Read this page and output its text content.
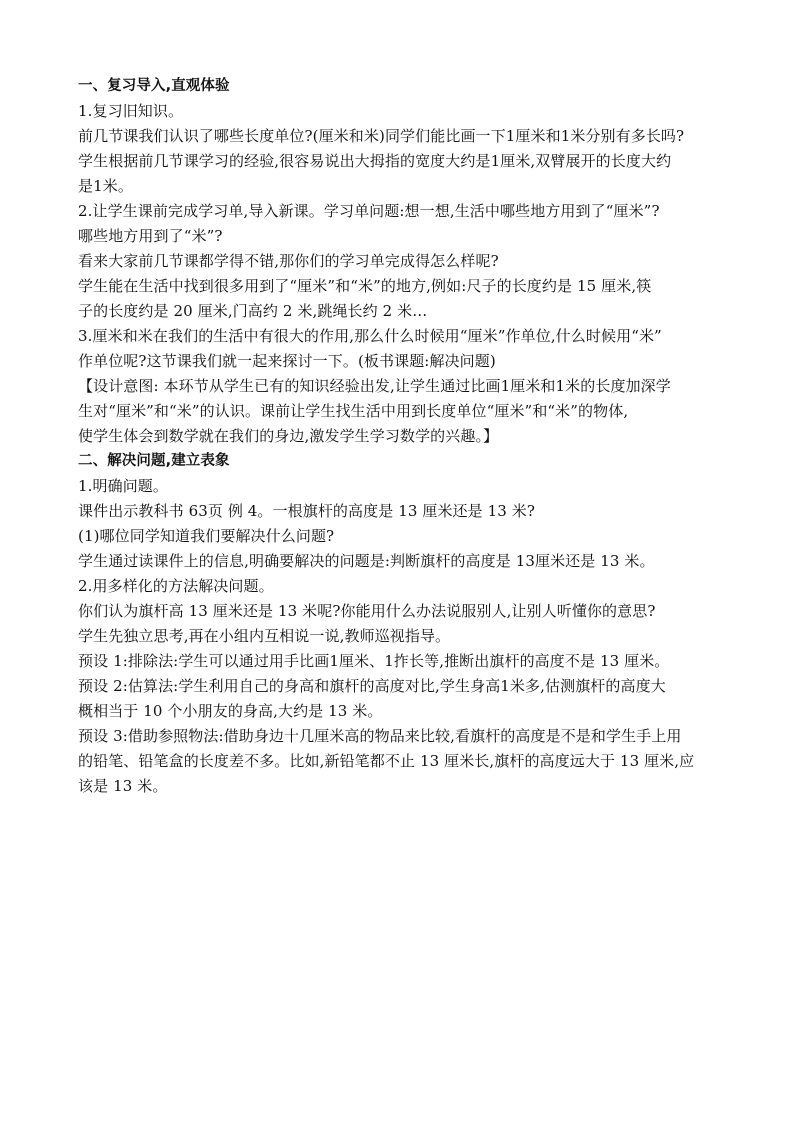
一、复习导入,直观体验
1.复习旧知识。
前几节课我们认识了哪些长度单位?(厘米和米)同学们能比画一下1厘米和1米分别有多长吗?
学生根据前几节课学习的经验,很容易说出大拇指的宽度大约是1厘米,双臂展开的长度大约
是1米。
2.让学生课前完成学习单,导入新课。学习单问题:想一想,生活中哪些地方用到了“厘米”?
哪些地方用到了“米”?
看来大家前几节课都学得不错,那你们的学习单完成得怎么样呢?
学生能在生活中找到很多用到了“厘米”和“米”的地方,例如:尺子的长度约是 15 厘米,筷
子的长度约是 20 厘米,门高约 2 米,跳绳长约 2 米…
3.厘米和米在我们的生活中有很大的作用,那么什么时候用“厘米”作单位,什么时候用“米”
作单位呢?这节课我们就一起来探讨一下。(板书课题:解决问题)
【设计意图: 本环节从学生已有的知识经验出发,让学生通过比画1厘米和1米的长度加深学
生对“厘米”和“米”的认识。课前让学生找生活中用到长度单位“厘米”和“米”的物体,
使学生体会到数学就在我们的身边,激发学生学习数学的兴趣。】
二、解决问题,建立表象
1.明确问题。
课件出示教科书 63页 例 4。一根旗杆的高度是 13 厘米还是 13 米?
(1)哪位同学知道我们要解决什么问题?
学生通过读课件上的信息,明确要解决的问题是:判断旗杆的高度是 13厘米还是 13 米。
2.用多样化的方法解决问题。
你们认为旗杆高 13 厘米还是 13 米呢?你能用什么办法说服别人,让别人听懂你的意思?
学生先独立思考,再在小组内互相说一说,教师巡视指导。
预设 1:排除法:学生可以通过用手比画1厘米、1拃长等,推断出旗杆的高度不是 13 厘米。
预设 2:估算法:学生利用自己的身高和旗杆的高度对比,学生身高1米多,估测旗杆的高度大
概相当于 10 个小朋友的身高,大约是 13 米。
预设 3:借助参照物法:借助身边十几厘米高的物品来比较,看旗杆的高度是不是和学生手上用
的铅笔、铅笔盒的长度差不多。比如,新铅笔都不止 13 厘米长,旗杆的高度远大于 13 厘米,应
该是 13 米。
